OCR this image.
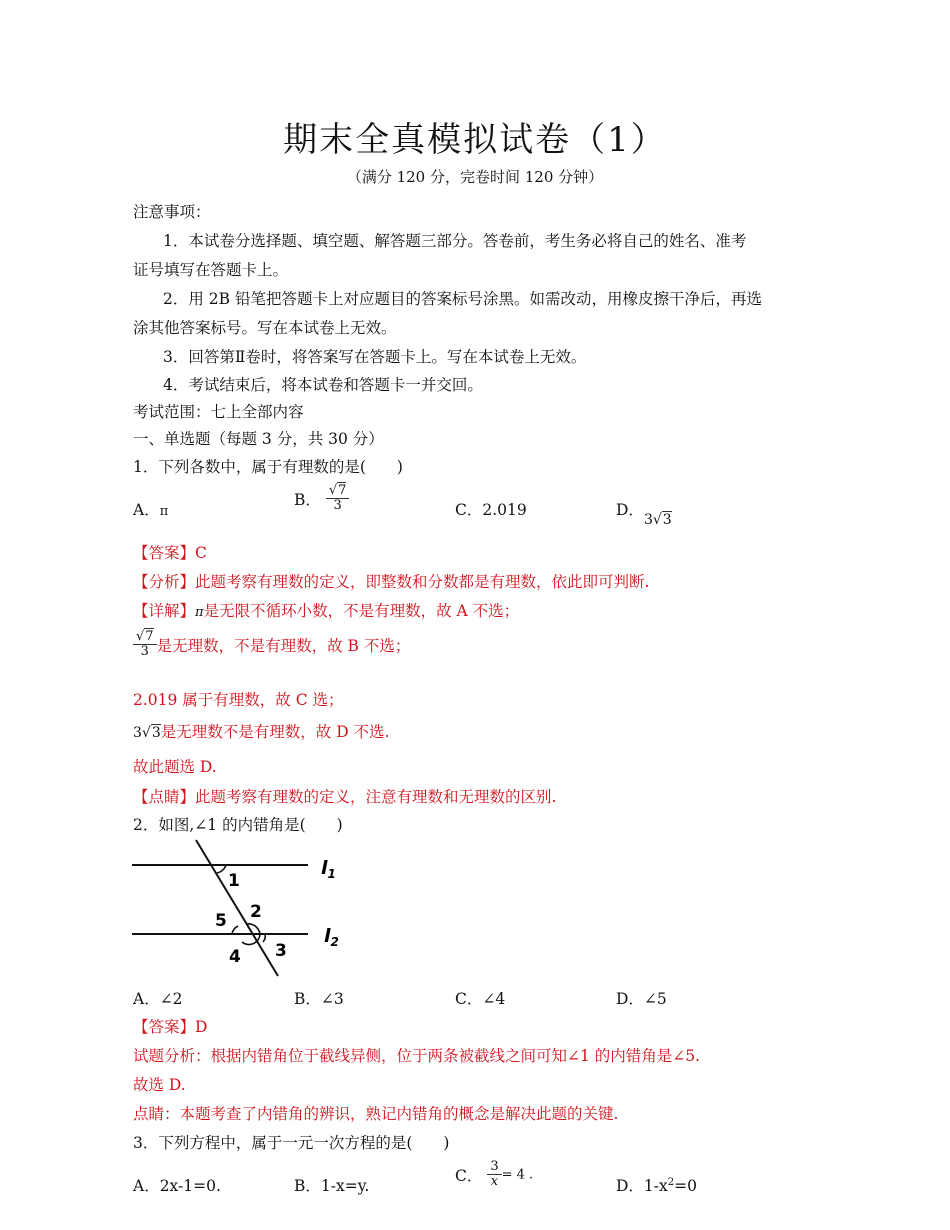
期末全真模拟试卷（1）
（满分 120 分，完卷时间 120 分钟）
注意事项：
1．本试卷分选择题、填空题、解答题三部分。答卷前，考生务必将自己的姓名、准考
证号填写在答题卡上。
2．用 2B 铅笔把答题卡上对应题目的答案标号涂黑。如需改动，用橡皮擦干净后，再选
涂其他答案标号。写在本试卷上无效。
3．回答第Ⅱ卷时，将答案写在答题卡上。写在本试卷上无效。
4．考试结束后，将本试卷和答题卡一并交回。
考试范围：七上全部内容
一、单选题（每题 3 分，共 30 分）
1．下列各数中，属于有理数的是(　　)
A．π
B． $\frac{√7}{3}$	C．2.019	D．3√3
【答案】C
【分析】此题考察有理数的定义，即整数和分数都是有理数，依此即可判断.
【详解】π是无限不循环小数，不是有理数，故 A 不选；
$\frac{√7}{3}$ 是无理数，不是有理数，故 B 不选；
2.019 属于有理数，故 C 选；
3√3是无理数不是有理数，故 D 不选.
故此题选 D.
【点睛】此题考察有理数的定义，注意有理数和无理数的区别.
2．如图,∠1 的内错角是(　　)
1
2
3
4
5
$l_1$
$l_2$
A．∠2	B．∠3	C．∠4	D．∠5
【答案】D
试题分析：根据内错角位于截线异侧，位于两条被截线之间可知∠1 的内错角是∠5.
故选 D.
点睛：本题考查了内错角的辨识，熟记内错角的概念是解决此题的关键.
3．下列方程中，属于一元一次方程的是(　　)
A．2x-1=0.	B．1-x=y.
C． $\frac{3}{x} = 4$ .
D．$1-x^2=0$
